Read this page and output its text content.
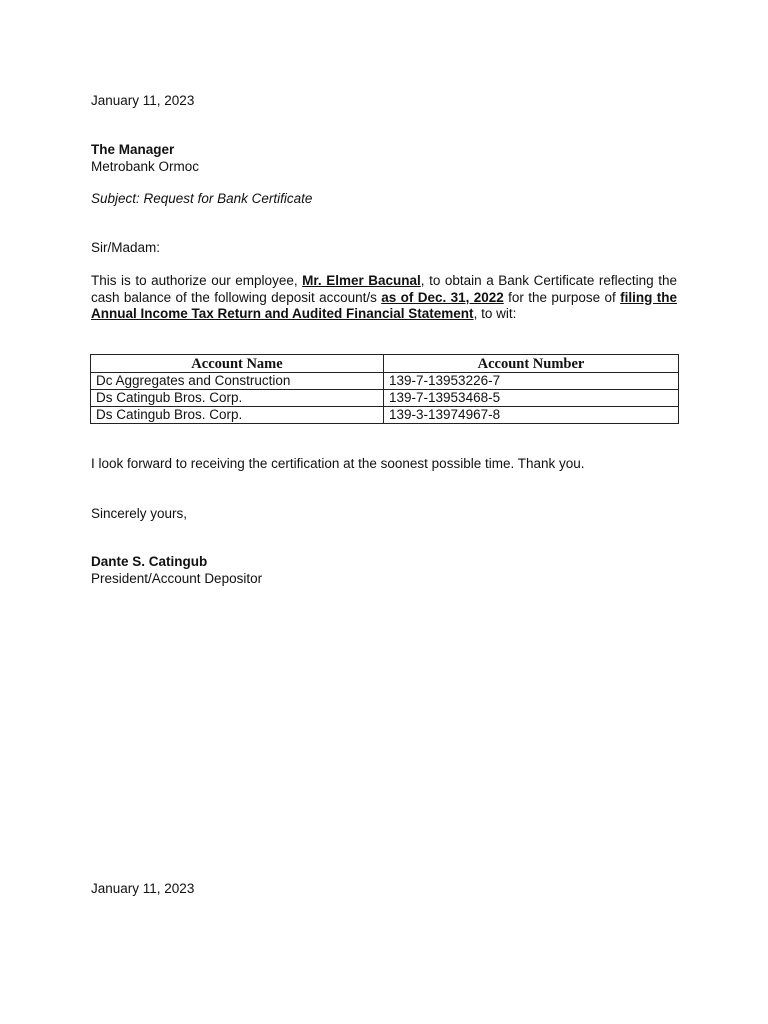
January 11, 2023
The Manager
Metrobank Ormoc
Subject: Request for Bank Certificate
Sir/Madam:
This is to authorize our employee, Mr. Elmer Bacunal, to obtain a Bank Certificate reflecting the cash balance of the following deposit account/s as of Dec. 31, 2022 for the purpose of filing the Annual Income Tax Return and Audited Financial Statement, to wit:
Account Name	Account Number
Dc Aggregates and Construction	139-7-13953226-7
Ds Catingub Bros. Corp.	139-7-13953468-5
Ds Catingub Bros. Corp.	139-3-13974967-8
I look forward to receiving the certification at the soonest possible time. Thank you.
Sincerely yours,
Dante S. Catingub
President/Account Depositor
January 11, 2023
